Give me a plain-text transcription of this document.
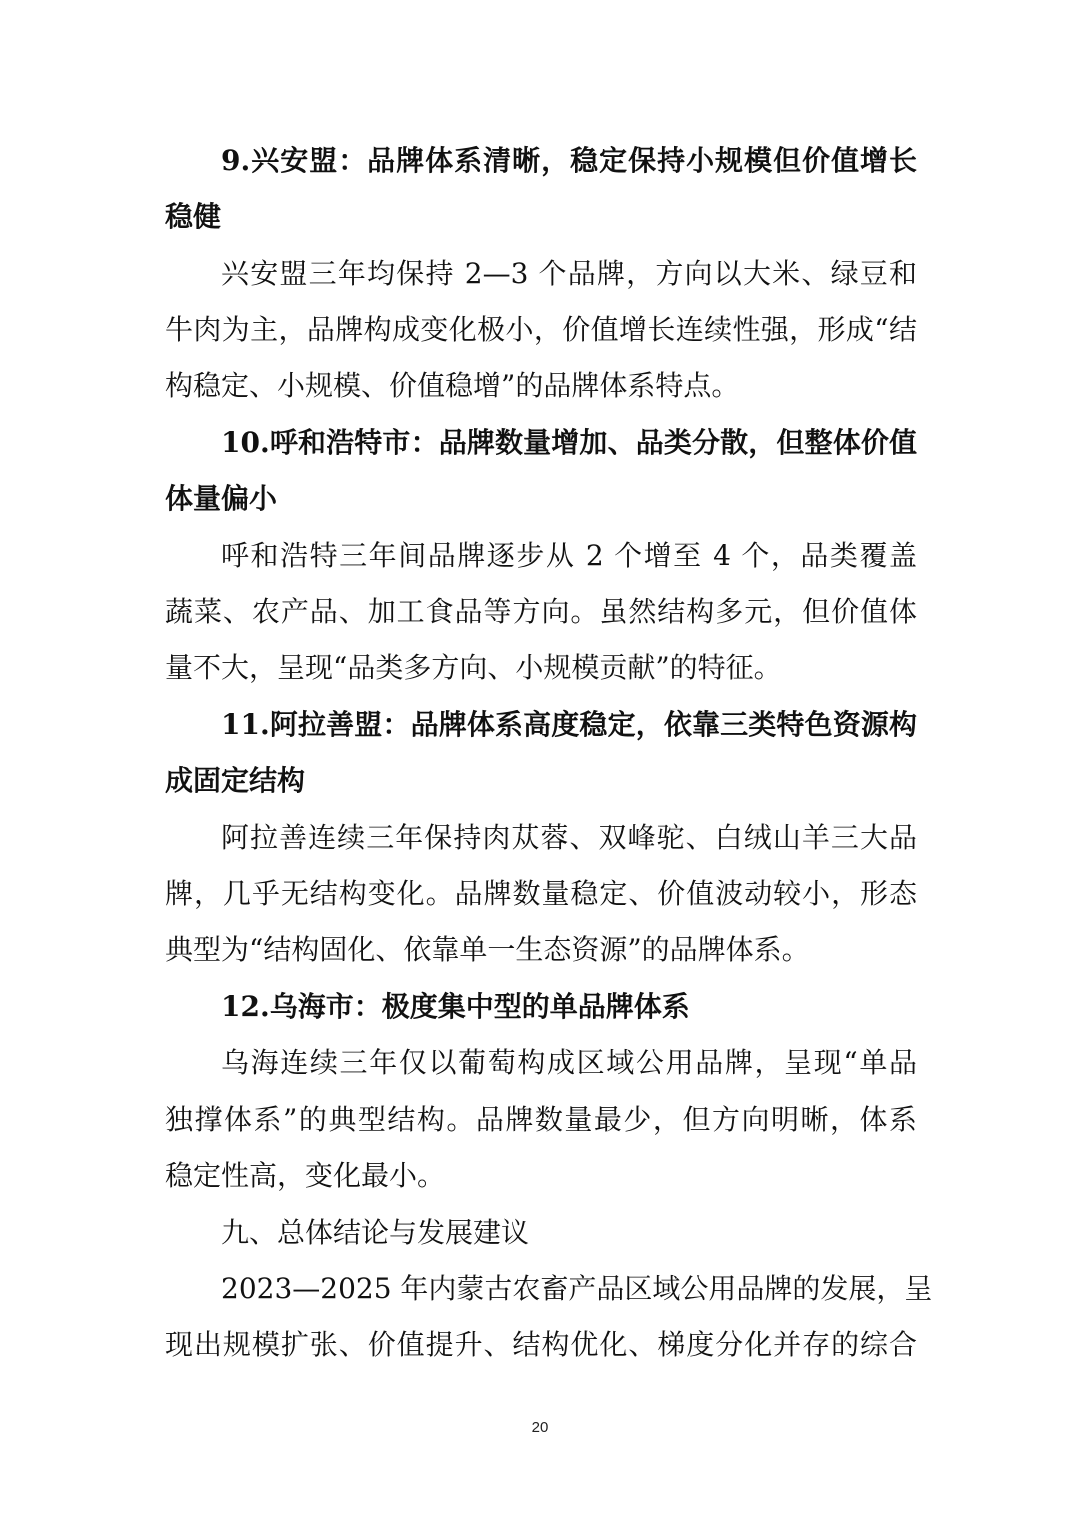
9.兴安盟：品牌体系清晰，稳定保持小规模但价值增长

稳健

兴安盟三年均保持 2—3 个品牌，方向以大米、绿豆和

牛肉为主，品牌构成变化极小，价值增长连续性强，形成“结

构稳定、小规模、价值稳增”的品牌体系特点。

10.呼和浩特市：品牌数量增加、品类分散，但整体价值

体量偏小

呼和浩特三年间品牌逐步从 2 个增至 4 个，品类覆盖

蔬菜、农产品、加工食品等方向。虽然结构多元，但价值体

量不大，呈现“品类多方向、小规模贡献”的特征。

11.阿拉善盟：品牌体系高度稳定，依靠三类特色资源构

成固定结构

阿拉善连续三年保持肉苁蓉、双峰驼、白绒山羊三大品

牌，几乎无结构变化。品牌数量稳定、价值波动较小，形态

典型为“结构固化、依靠单一生态资源”的品牌体系。

12.乌海市：极度集中型的单品牌体系

乌海连续三年仅以葡萄构成区域公用品牌，呈现“单品

独撑体系”的典型结构。品牌数量最少，但方向明晰，体系

稳定性高，变化最小。

九、总体结论与发展建议

2023—2025 年内蒙古农畜产品区域公用品牌的发展，呈

现出规模扩张、价值提升、结构优化、梯度分化并存的综合

20
